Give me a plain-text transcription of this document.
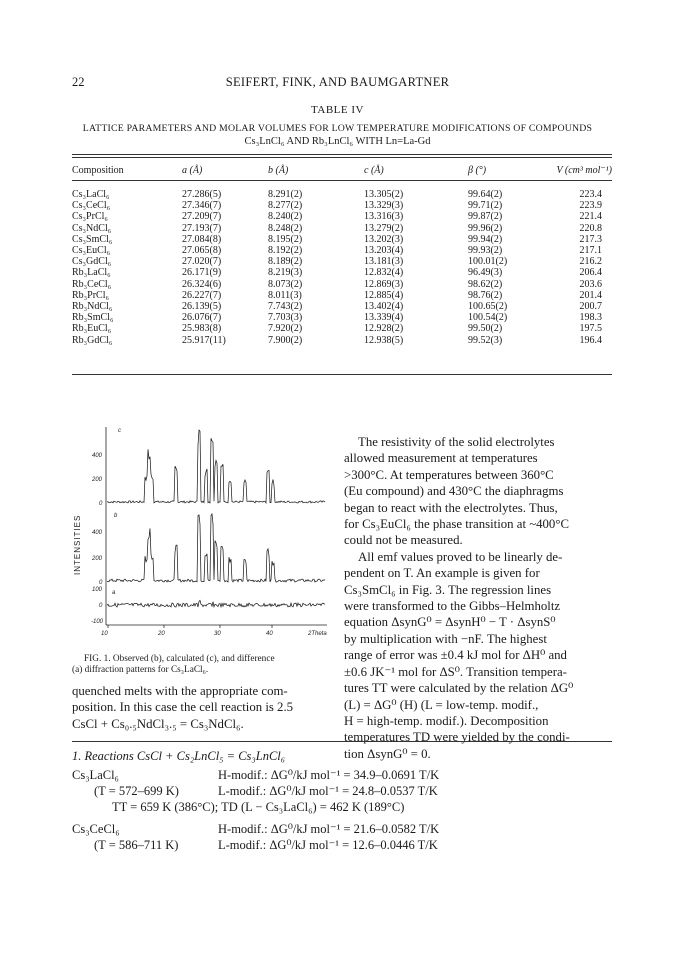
22	SEIFERT, FINK, AND BAUMGARTNER
TABLE IV
LATTICE PARAMETERS AND MOLAR VOLUMES FOR LOW TEMPERATURE MODIFICATIONS OF COMPOUNDS
Cs₃LnCl₆ AND Rb₃LnCl₆ WITH Ln=La-Gd
Composition	a (Å)	b (Å)	c (Å)	β (°)	V (cm³ mol⁻¹)

Cs₃LaCl₆	27.286(5)	8.291(2)	13.305(2)	99.64(2)	223.4
Cs₃CeCl₆	27.346(7)	8.277(2)	13.329(3)	99.71(2)	223.9
Cs₃PrCl₆	27.209(7)	8.240(2)	13.316(3)	99.87(2)	221.4
Cs₃NdCl₆	27.193(7)	8.248(2)	13.279(2)	99.96(2)	220.8
Cs₃SmCl₆	27.084(8)	8.195(2)	13.202(3)	99.94(2)	217.3
Cs₃EuCl₆	27.065(8)	8.192(2)	13.203(4)	99.93(2)	217.1
Cs₃GdCl₆	27.020(7)	8.189(2)	13.181(3)	100.01(2)	216.2
Rb₃LaCl₆	26.171(9)	8.219(3)	12.832(4)	96.49(3)	206.4
Rb₃CeCl₆	26.324(6)	8.073(2)	12.869(3)	98.62(2)	203.6
Rb₃PrCl₆	26.227(7)	8.011(3)	12.885(4)	98.76(2)	201.4
Rb₃NdCl₆	26.139(5)	7.743(2)	13.402(4)	100.65(2)	200.7
Rb₃SmCl₆	26.076(7)	7.703(3)	13.339(4)	100.54(2)	198.3
Rb₃EuCl₆	25.983(8)	7.920(2)	12.928(2)	99.50(2)	197.5
Rb₃GdCl₆	25.917(11)	7.900(2)	12.938(5)	99.52(3)	196.4
c
b
a
400
200
0
400
200
0
100
0
-100
10	20	30	40	2Theta
INTENSITIES
FIG. 1. Observed (b), calculated (c), and difference
(a) diffraction patterns for Cs₃LaCl₆.
The resistivity of the solid electrolytes
allowed measurement at temperatures
>300°C. At temperatures between 360°C
(Eu compound) and 430°C the diaphragms
began to react with the electrolytes. Thus,
for Cs₃EuCl₆ the phase transition at ~400°C
could not be measured.
All emf values proved to be linearly de-
pendent on T. An example is given for
Cs₃SmCl₆ in Fig. 3. The regression lines
were transformed to the Gibbs–Helmholtz
equation ΔsynG⁰ = ΔsynH⁰ − T · ΔsynS⁰
by multiplication with −nF. The highest
range of error was ±0.4 kJ mol for ΔH⁰ and
±0.6 JK⁻¹ mol for ΔS⁰. Transition tempera-
tures TT were calculated by the relation ΔG⁰
(L) = ΔG⁰ (H) (L = low-temp. modif.,
H = high-temp. modif.). Decomposition
temperatures TD were yielded by the condi-
tion ΔsynG⁰ = 0.
quenched melts with the appropriate com-
position. In this case the cell reaction is 2.5
CsCl + Cs₀.₅NdCl₃.₅ = Cs₃NdCl₆.
1. Reactions CsCl + Cs₂LnCl₅ = Cs₃LnCl₆
Cs₃LaCl₆	H-modif.: ΔG⁰/kJ mol⁻¹ = 34.9–0.0691 T/K
(T = 572–699 K)	L-modif.: ΔG⁰/kJ mol⁻¹ = 24.8–0.0537 T/K
TT = 659 K (386°C); TD (L − Cs₃LaCl₆) = 462 K (189°C)
Cs₃CeCl₆	H-modif.: ΔG⁰/kJ mol⁻¹ = 21.6–0.0582 T/K
(T = 586–711 K)	L-modif.: ΔG⁰/kJ mol⁻¹ = 12.6–0.0446 T/K
